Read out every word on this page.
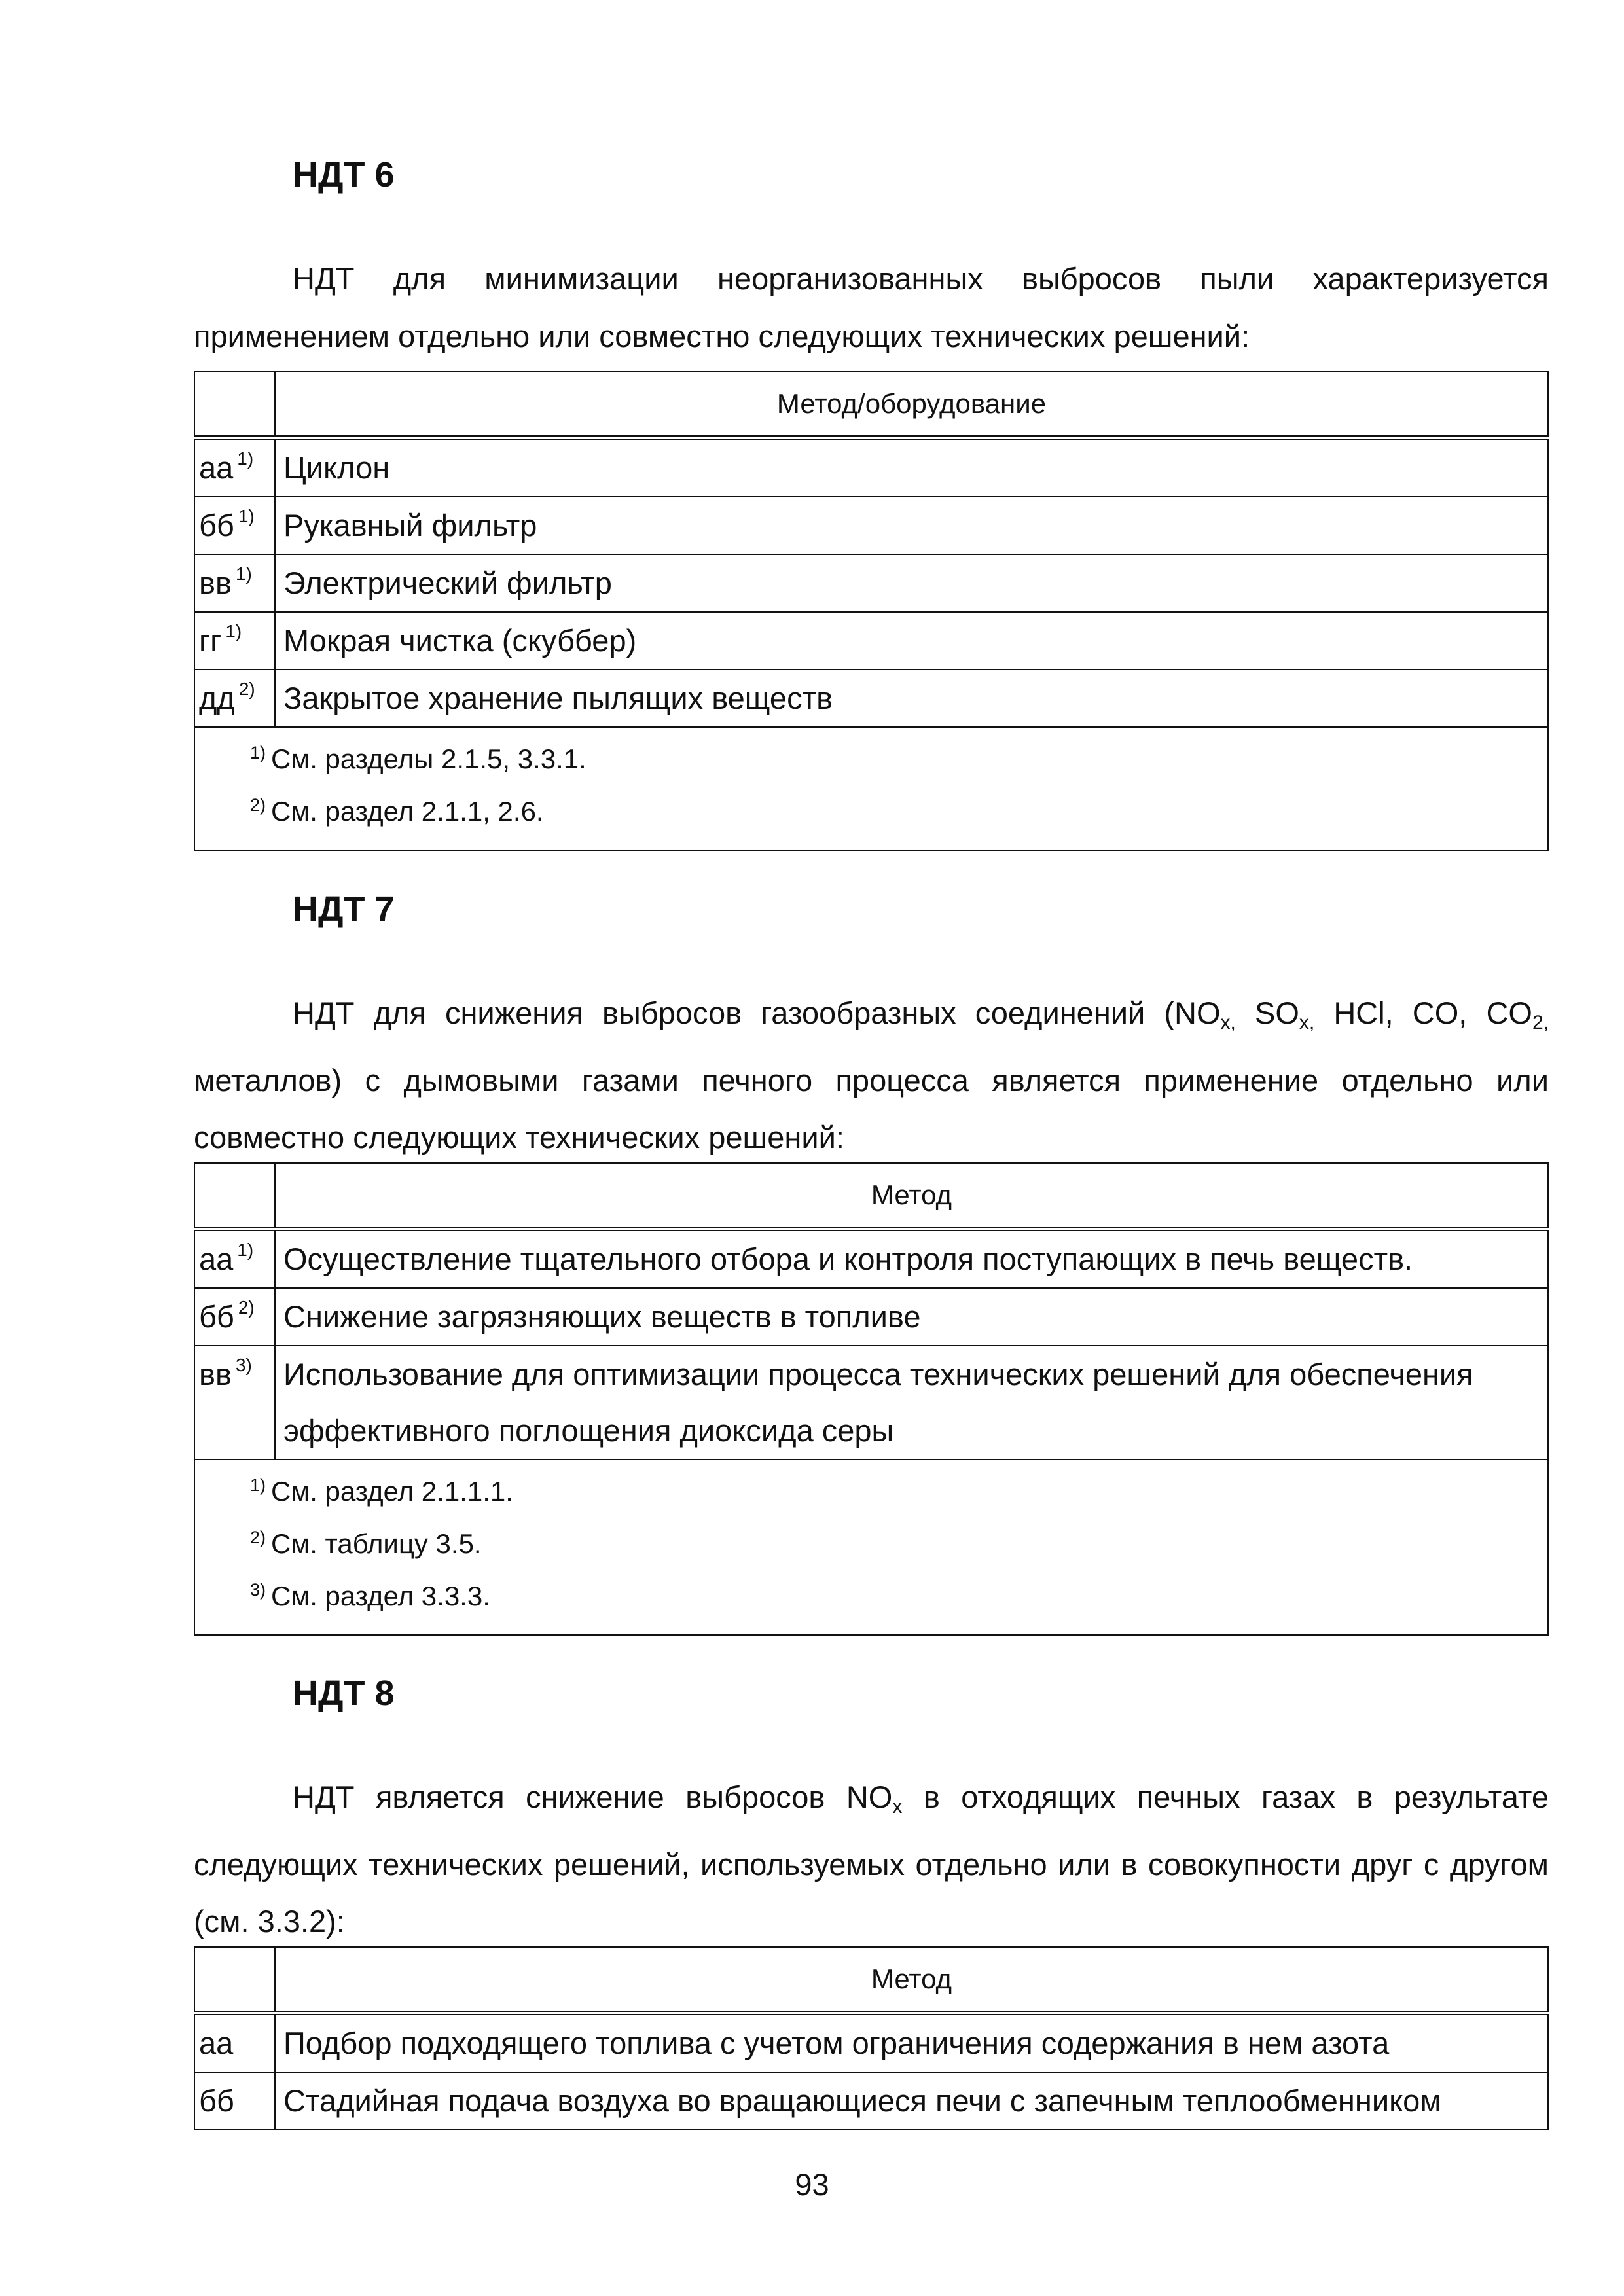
НДТ 6

НДТ для минимизации неорганизованных выбросов пыли характеризуется применением отдельно или совместно следующих технических решений:

	Метод/оборудование
аа $^{1)}$	Циклон
бб $^{1)}$	Рукавный фильтр
вв $^{1)}$	Электрический фильтр
гг $^{1)}$	Мокрая чистка (скуббер)
дд $^{2)}$	Закрытое хранение пылящих веществ

$^{1)}$ См. разделы 2.1.5, 3.3.1.
$^{2)}$ См. раздел 2.1.1, 2.6.	
НДТ 7

НДТ для снижения выбросов газообразных соединений ($NO_{x,}$ $SO_{x,}$ HCl, CO, $CO_{2,}$ металлов) с дымовыми газами печного процесса является применение отдельно или совместно следующих технических решений:

	Метод
аа $^{1)}$	Осуществление тщательного отбора и контроля поступающих в печь веществ.
бб $^{2)}$	Снижение загрязняющих веществ в топливе
вв $^{3)}$	Использование для оптимизации процесса технических решений для обеспечения эффективного поглощения диоксида серы

$^{1)}$ См. раздел 2.1.1.1.
$^{2)}$ См. таблицу 3.5.
$^{3)}$ См. раздел 3.3.3.	
НДТ 8

НДТ является снижение выбросов $NO_x$ в отходящих печных газах в результате следующих технических решений, используемых отдельно или в совокупности друг с другом (см. 3.3.2):

	Метод
аа	Подбор подходящего топлива с учетом ограничения содержания в нем азота
бб	Стадийная подача воздуха во вращающиеся печи с запечным теплообменником
93
